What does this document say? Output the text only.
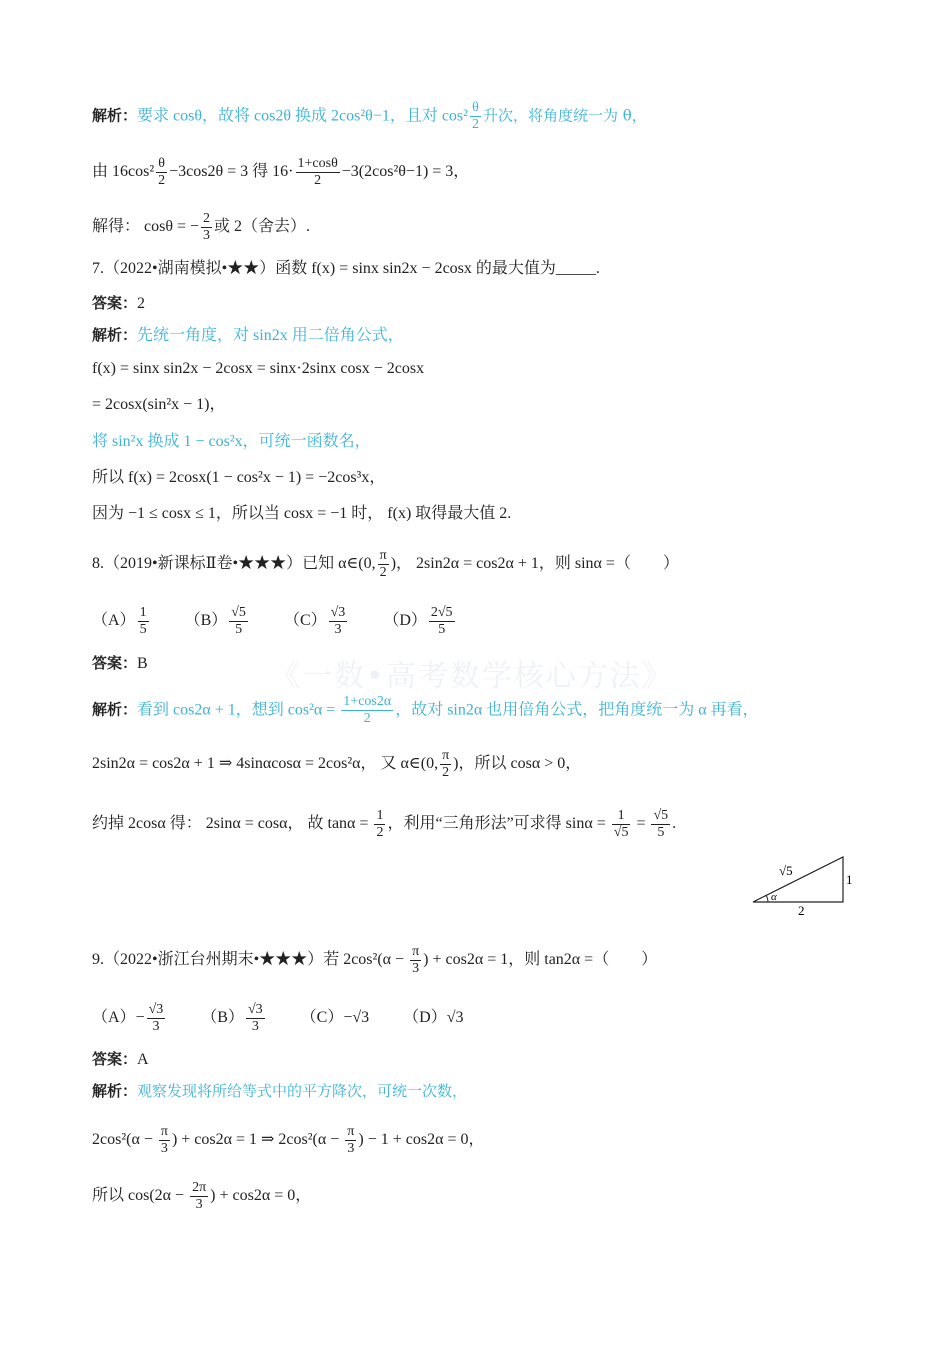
《一数•高考数学核心方法》
解析：要求 cosθ，故将 cos2θ 换成 2cos²θ−1，且对 $\cos^2 \frac{\theta}{2}$ 升次，将角度统一为 θ，
由 $16\cos^2 \frac{\theta}{2} -3\cos 2\theta = 3$ 得 $16\cdot \frac{1+\cos\theta}{2} -3(2\cos^2\theta-1) = 3$，
解得： cosθ = − $\frac{2}{3}$ 或 2（舍去）.
7.（2022•湖南模拟•★★）函数 f(x) = sinx sin2x − 2cosx 的最大值为_____.
答案：2
解析：先统一角度，对 sin2x 用二倍角公式，
f(x) = sinx sin2x − 2cosx = sinx·2sinx cosx − 2cosx
= 2cosx(sin²x − 1)，
将 sin²x 换成 1 − cos²x，可统一函数名，
所以 f(x) = 2cosx(1 − cos²x − 1) = −2cos³x，
因为 −1 ≤ cosx ≤ 1，所以当 cosx = −1 时， f(x) 取得最大值 2.
8.（2019•新课标Ⅱ卷•★★★）已知 α∈(0, $\frac{\pi}{2}$ )， 2sin2α = cos2α + 1，则 sinα =（　　）
$(A) \frac{1}{5} (B) \frac{√5}{5} (C) \frac{√3}{3} (D) \frac{2√5}{5}$
答案：B
解析：看到 cos2α + 1，想到 $\cos^2\alpha = \frac{1+\cos 2\alpha}{2}$ ，故对 sin2α 也用倍角公式，把角度统一为 α 再看，
2sin2α = cos2α + 1 ⇒ 4sinαcosα = 2cos²α， 又 α∈(0, $\frac{\pi}{2}$ )，所以 cosα > 0，
约掉 2cosα 得： 2sinα = cosα， 故 $\tan\alpha = \frac{1}{2}$ ，利用“三角形法”可求得 $\sin\alpha = \frac{1}{√5} = \frac{√5}{5}$ .
√5
1
2
α
9.（2022•浙江台州期末•★★★）若 $2\cos^2(\alpha - \frac{\pi}{3}$ ) + cos2α = 1，则 tan2α =（　　）
$(A)- \frac{√3}{3} (B) \frac{√3}{3} (C)-√3$ （D）√3
答案：A
解析：观察发现将所给等式中的平方降次，可统一次数，
$2\cos^2(\alpha - \frac{\pi}{3}$ ) + cos2α = 1 ⇒ $2\cos^2(\alpha - \frac{\pi}{3}$ ) − 1 + cos2α = 0，
所以 $\cos(2\alpha - \frac{2\pi}{3}$ ) + cos2α = 0，
